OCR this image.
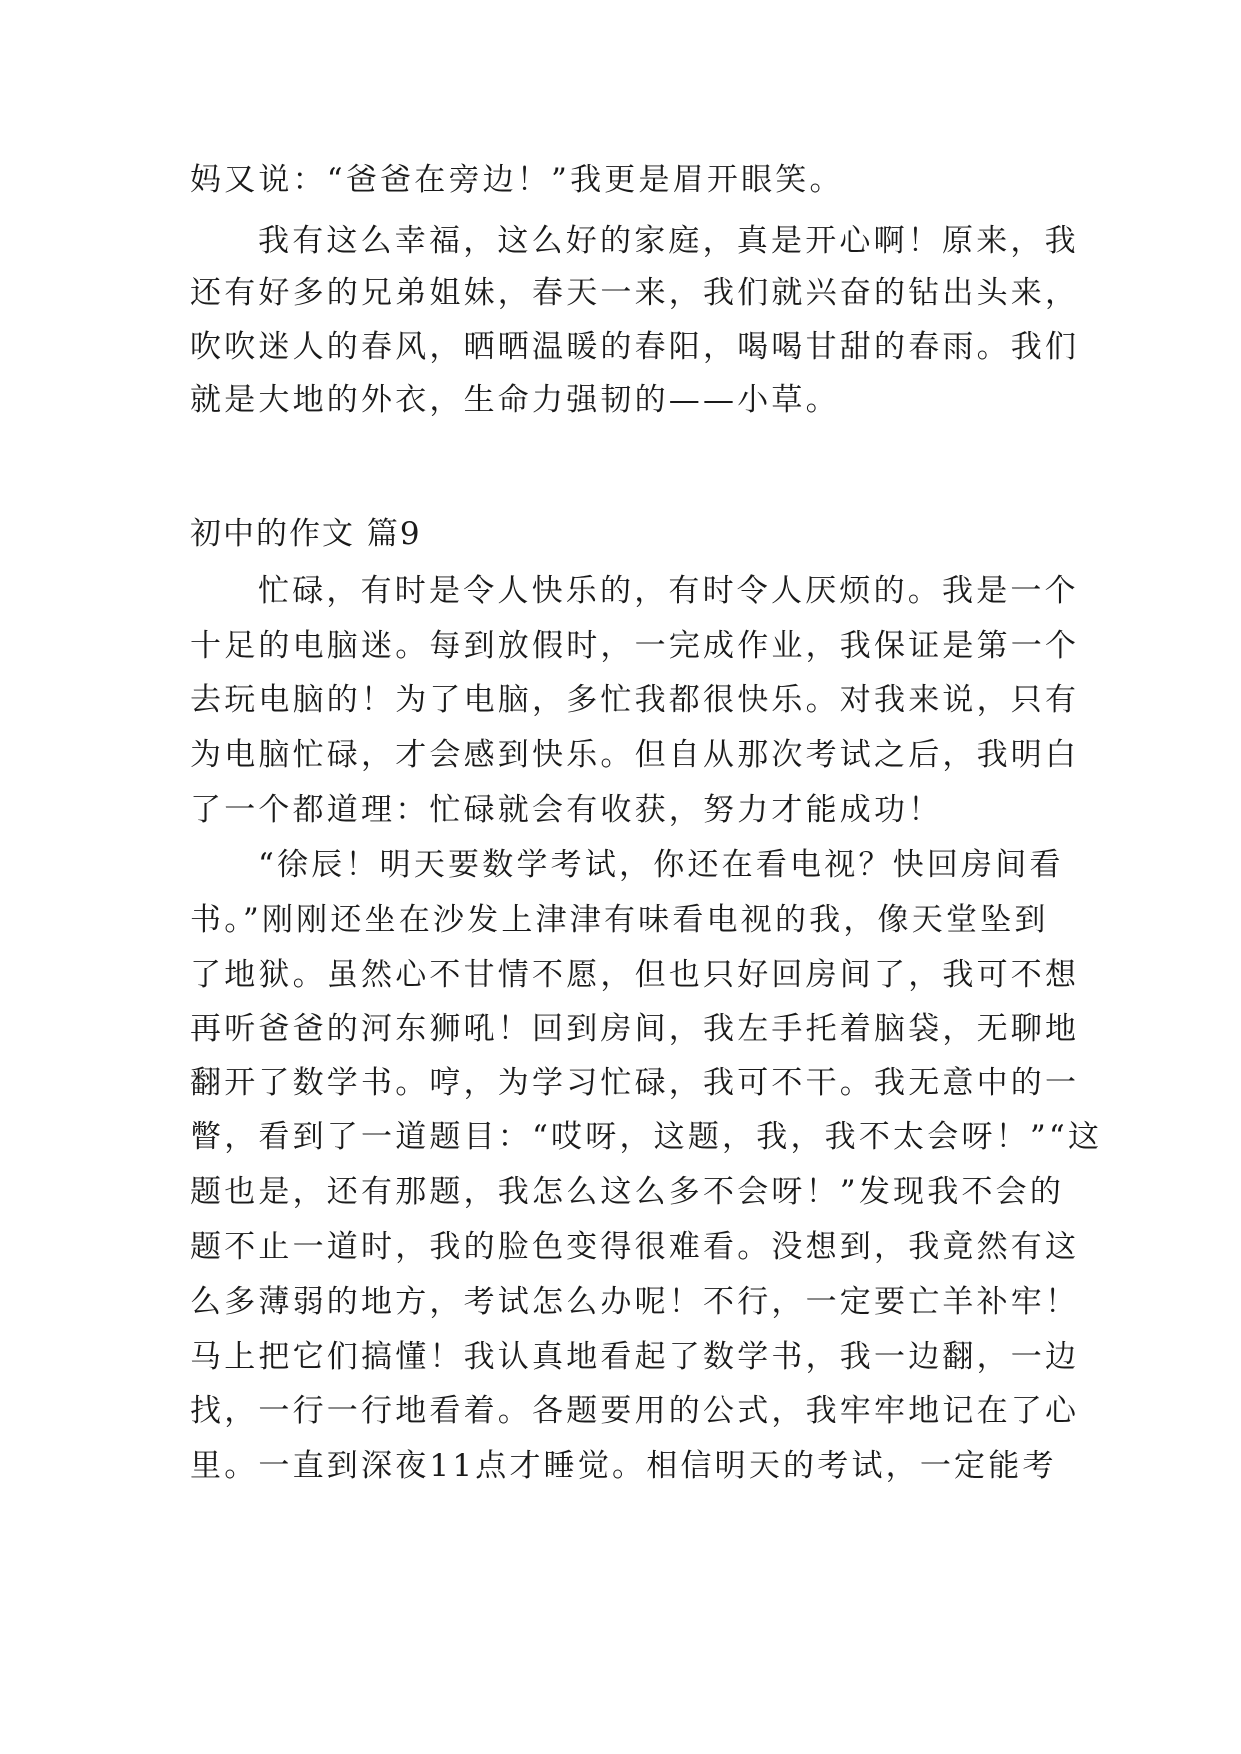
妈又说：“爸爸在旁边！”我更是眉开眼笑。
我有这么幸福，这么好的家庭，真是开心啊！原来，我
还有好多的兄弟姐妹，春天一来，我们就兴奋的钻出头来，
吹吹迷人的春风，晒晒温暖的春阳，喝喝甘甜的春雨。我们
就是大地的外衣，生命力强韧的——小草。
初中的作文 篇9
忙碌，有时是令人快乐的，有时令人厌烦的。我是一个
十足的电脑迷。每到放假时，一完成作业，我保证是第一个
去玩电脑的！为了电脑，多忙我都很快乐。对我来说，只有
为电脑忙碌，才会感到快乐。但自从那次考试之后，我明白
了一个都道理：忙碌就会有收获，努力才能成功！
“徐辰！明天要数学考试，你还在看电视？快回房间看
书。”刚刚还坐在沙发上津津有味看电视的我，像天堂坠到
了地狱。虽然心不甘情不愿，但也只好回房间了，我可不想
再听爸爸的河东狮吼！回到房间，我左手托着脑袋，无聊地
翻开了数学书。哼，为学习忙碌，我可不干。我无意中的一
瞥，看到了一道题目：“哎呀，这题，我，我不太会呀！”“这
题也是，还有那题，我怎么这么多不会呀！”发现我不会的
题不止一道时，我的脸色变得很难看。没想到，我竟然有这
么多薄弱的地方，考试怎么办呢！不行，一定要亡羊补牢！
马上把它们搞懂！我认真地看起了数学书，我一边翻，一边
找，一行一行地看着。各题要用的公式，我牢牢地记在了心
里。一直到深夜11点才睡觉。相信明天的考试，一定能考
